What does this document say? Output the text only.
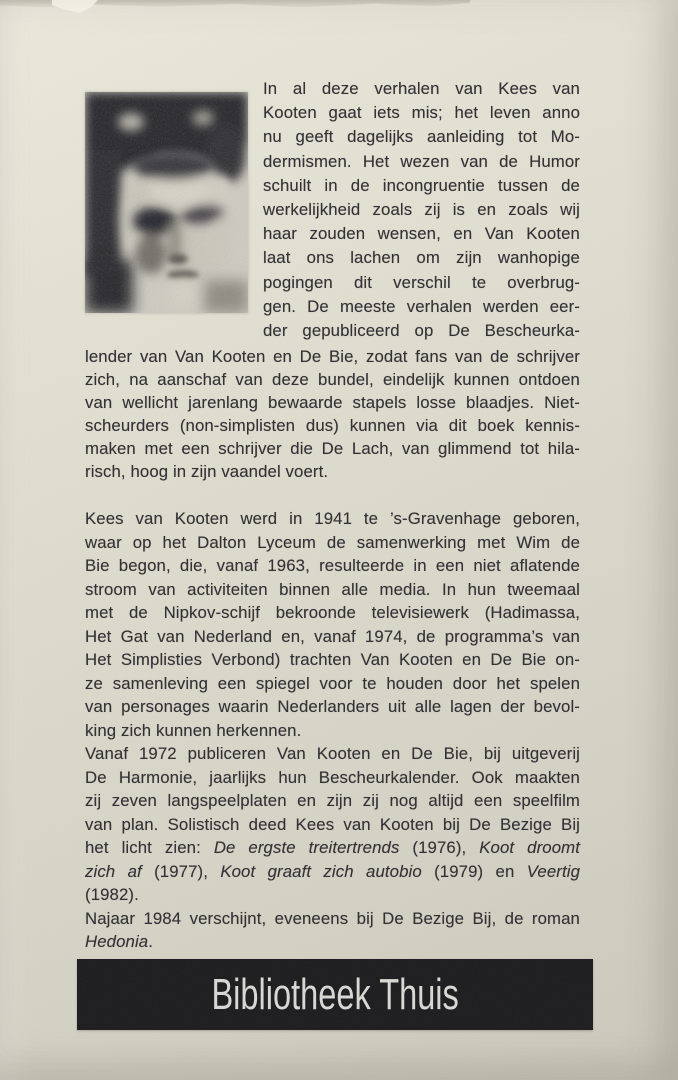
In al deze verhalen van Kees van
Kooten gaat iets mis; het leven anno
nu geeft dagelijks aanleiding tot Mo-
dermismen. Het wezen van de Humor
schuilt in de incongruentie tussen de
werkelijkheid zoals zij is en zoals wij
haar zouden wensen, en Van Kooten
laat ons lachen om zijn wanhopige
pogingen dit verschil te overbrug-
gen. De meeste verhalen werden eer-
der gepubliceerd op De Bescheurka-
lender van Van Kooten en De Bie, zodat fans van de schrijver
zich, na aanschaf van deze bundel, eindelijk kunnen ontdoen
van wellicht jarenlang bewaarde stapels losse blaadjes. Niet-
scheurders (non-simplisten dus) kunnen via dit boek kennis-
maken met een schrijver die De Lach, van glimmend tot hila-
risch, hoog in zijn vaandel voert.
Kees van Kooten werd in 1941 te ’s-Gravenhage geboren,
waar op het Dalton Lyceum de samenwerking met Wim de
Bie begon, die, vanaf 1963, resulteerde in een niet aflatende
stroom van activiteiten binnen alle media. In hun tweemaal
met de Nipkov-schijf bekroonde televisiewerk (Hadimassa,
Het Gat van Nederland en, vanaf 1974, de programma’s van
Het Simplisties Verbond) trachten Van Kooten en De Bie on-
ze samenleving een spiegel voor te houden door het spelen
van personages waarin Nederlanders uit alle lagen der bevol-
king zich kunnen herkennen.
Vanaf 1972 publiceren Van Kooten en De Bie, bij uitgeverij
De Harmonie, jaarlijks hun Bescheurkalender. Ook maakten
zij zeven langspeelplaten en zijn zij nog altijd een speelfilm
van plan. Solistisch deed Kees van Kooten bij De Bezige Bij
het licht zien: De ergste treitertrends (1976), Koot droomt
zich af (1977), Koot graaft zich autobio (1979) en Veertig
(1982).
Najaar 1984 verschijnt, eveneens bij De Bezige Bij, de roman
Hedonia.
Bibliotheek Thuis
